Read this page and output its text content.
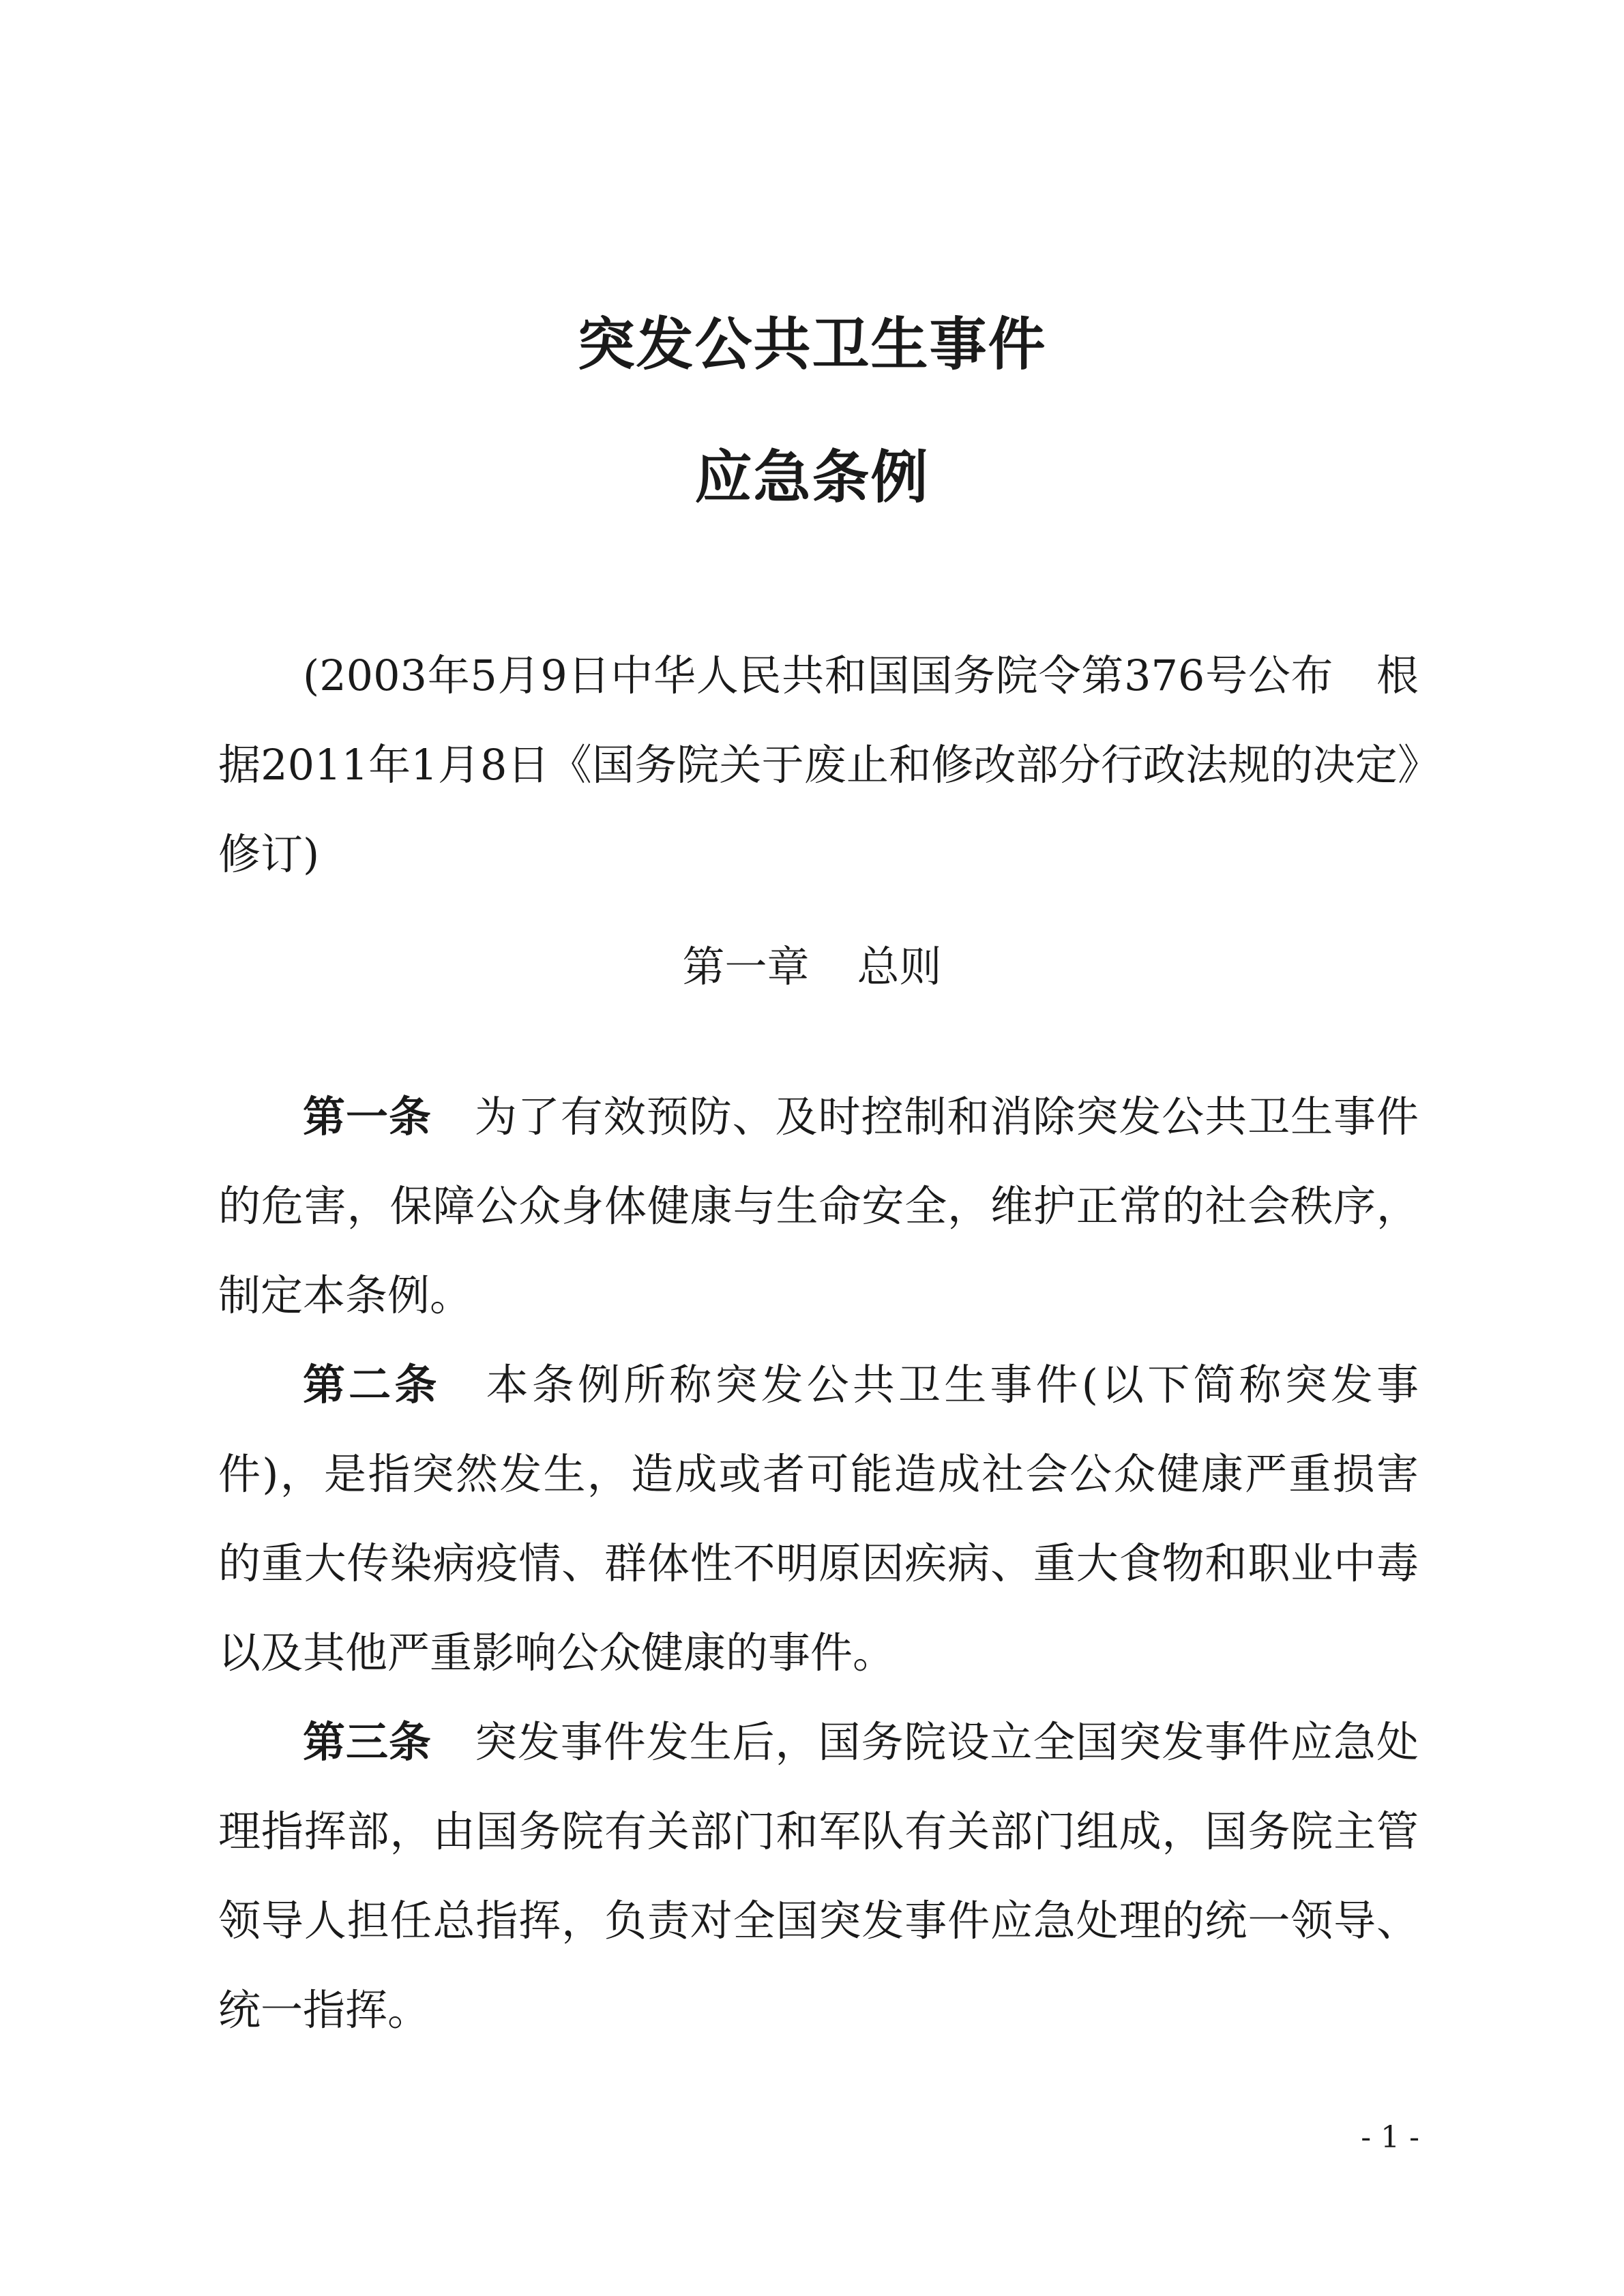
突发公共卫生事件
应急条例

(2003年5月9日中华人民共和国国务院令第376号公布　根据2011年1月8日《国务院关于废止和修改部分行政法规的决定》修订)

第一章 总则

第一条 为了有效预防、及时控制和消除突发公共卫生事件的危害，保障公众身体健康与生命安全，维护正常的社会秩序，制定本条例。

第二条 本条例所称突发公共卫生事件(以下简称突发事件)，是指突然发生，造成或者可能造成社会公众健康严重损害的重大传染病疫情、群体性不明原因疾病、重大食物和职业中毒以及其他严重影响公众健康的事件。

第三条 突发事件发生后，国务院设立全国突发事件应急处理指挥部，由国务院有关部门和军队有关部门组成，国务院主管领导人担任总指挥，负责对全国突发事件应急处理的统一领导、统一指挥。

- 1 -
